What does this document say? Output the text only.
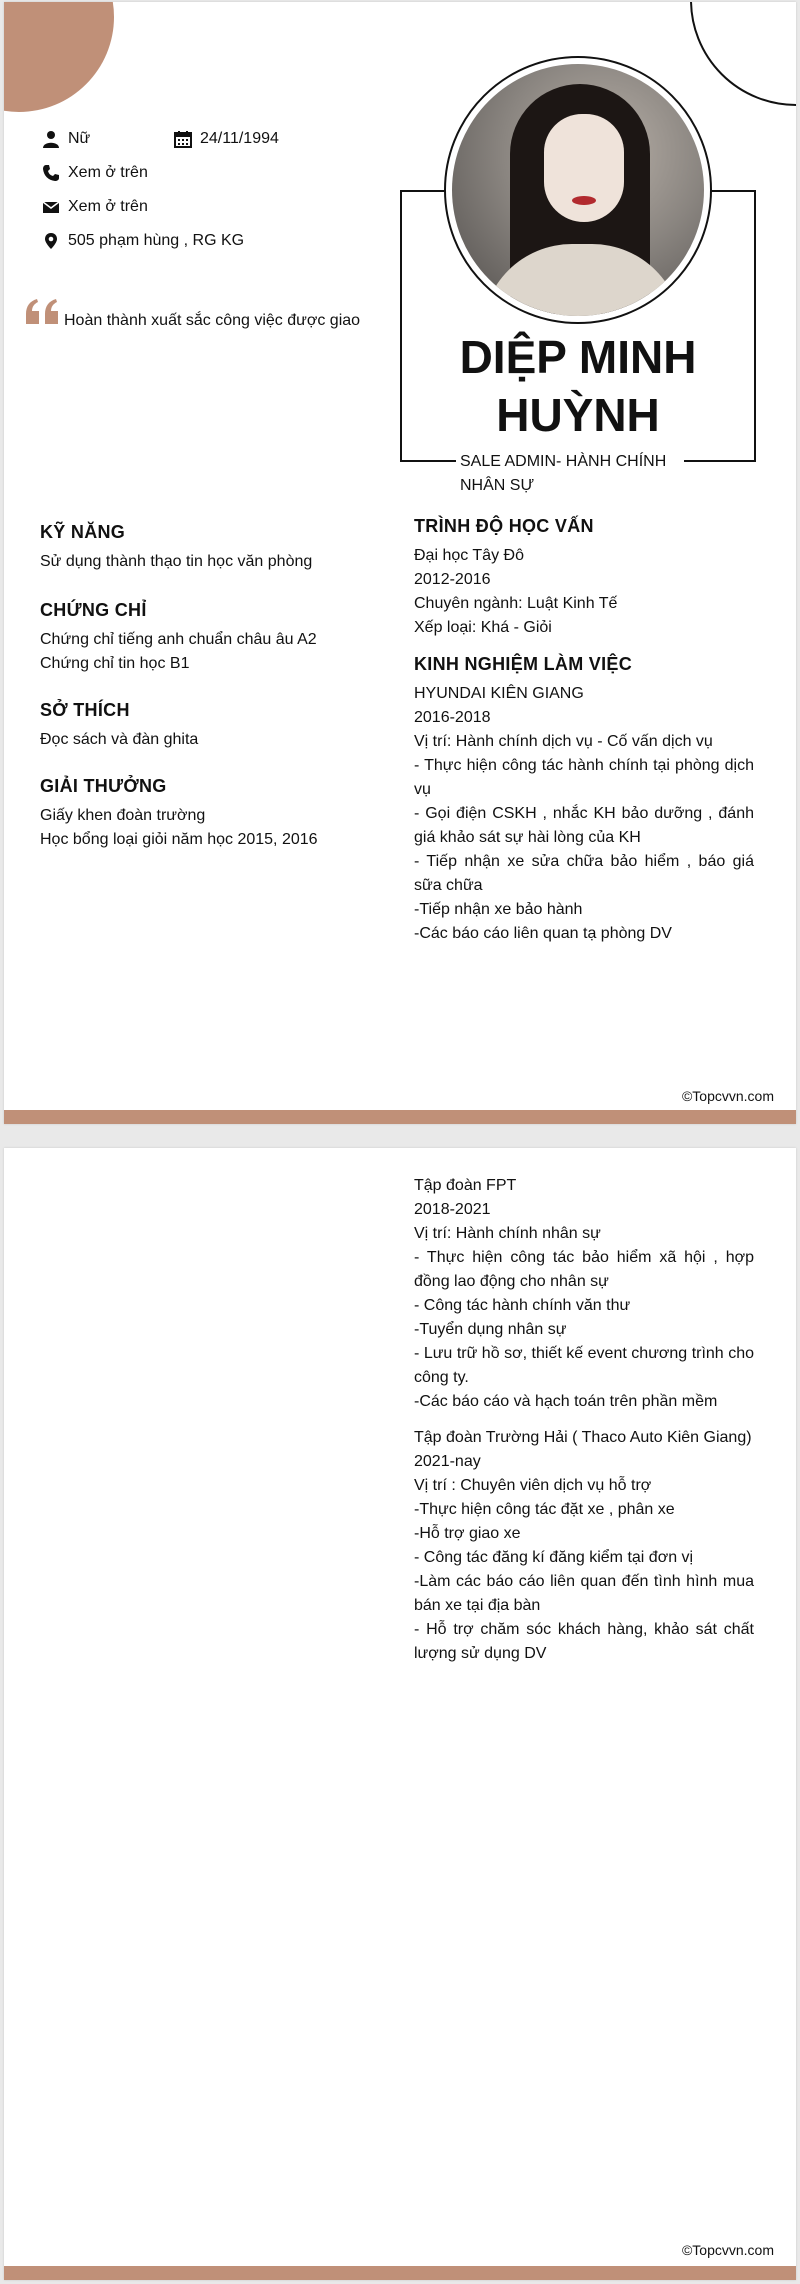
Nữ	24/11/1994
Xem ở trên
Xem ở trên
505 phạm hùng , RG KG
Hoàn thành xuất sắc công việc được giao
DIỆP MINH
HUỲNH
SALE ADMIN- HÀNH CHÍNH
NHÂN SỰ
KỸ NĂNG
Sử dụng thành thạo tin học văn phòng
CHỨNG CHỈ
Chứng chỉ tiếng anh chuẩn châu âu A2
Chứng chỉ tin học B1
SỞ THÍCH
Đọc sách và đàn ghita
GIẢI THƯỞNG
Giấy khen đoàn trường
Học bổng loại giỏi năm học 2015, 2016
TRÌNH ĐỘ HỌC VẤN
Đại học Tây Đô
2012-2016
Chuyên ngành: Luật Kinh Tế
Xếp loại: Khá - Giỏi
KINH NGHIỆM LÀM VIỆC
HYUNDAI KIÊN GIANG
2016-2018
Vị trí: Hành chính dịch vụ - Cố vấn dịch vụ
- Thực hiện công tác hành chính tại phòng dịch vụ
- Gọi điện CSKH , nhắc KH bảo dưỡng , đánh giá khảo sát sự hài lòng của KH
- Tiếp nhận xe sửa chữa bảo hiểm , báo giá sữa chữa
-Tiếp nhận xe bảo hành
-Các báo cáo liên quan tạ phòng DV
©Topcvvn.com
Tập đoàn FPT
2018-2021
Vị trí: Hành chính nhân sự
- Thực hiện công tác bảo hiểm xã hội , hợp đồng lao động cho nhân sự
- Công tác hành chính văn thư
-Tuyển dụng nhân sự
- Lưu trữ hồ sơ, thiết kế event chương trình cho công ty.
-Các báo cáo và hạch toán trên phần mềm
Tập đoàn Trường Hải ( Thaco Auto Kiên Giang)
2021-nay
Vị trí : Chuyên viên dịch vụ hỗ trợ
-Thực hiện công tác đặt xe , phân xe
-Hỗ trợ giao xe
- Công tác đăng kí đăng kiểm tại đơn vị
-Làm các báo cáo liên quan đến tình hình mua bán xe tại địa bàn
- Hỗ trợ chăm sóc khách hàng, khảo sát chất lượng sử dụng DV
©Topcvvn.com
